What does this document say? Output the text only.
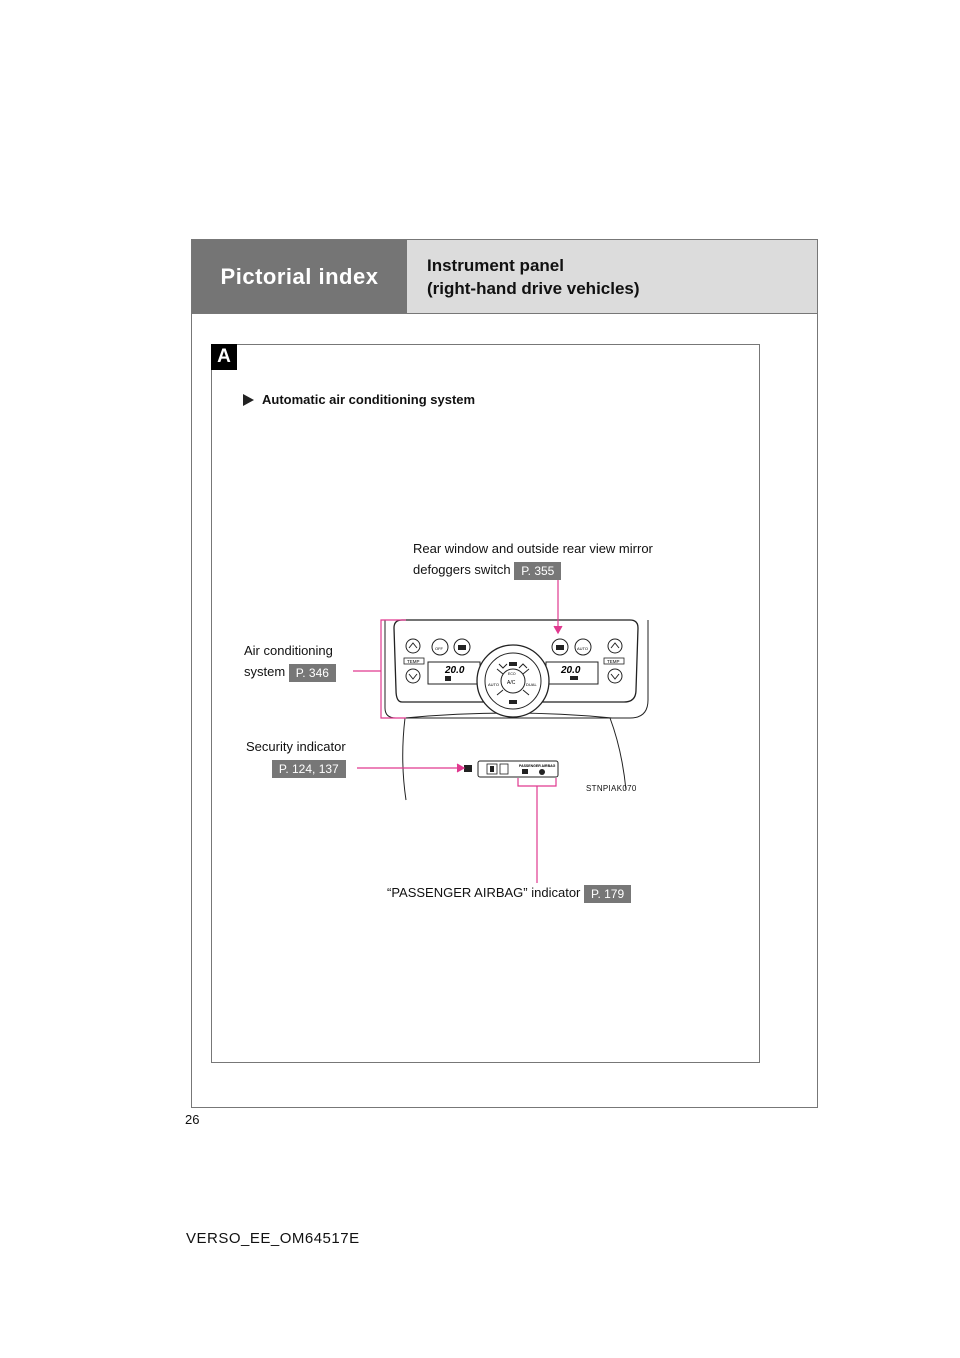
Pictorial index	Instrument panel
(right-hand drive vehicles)
A
Automatic air conditioning system
TEMP	TEMP
OFF	AUTO
20.0	20.0
A/C
ECO
AUTO	DUAL
PASSENGER AIRBAG
Rear window and outside rear view mirror
defoggers switch P. 355
Air conditioning
system P. 346
Security indicator
P. 124, 137
“PASSENGER AIRBAG” indicator P. 179
STNPIAK070
26
VERSO_EE_OM64517E
